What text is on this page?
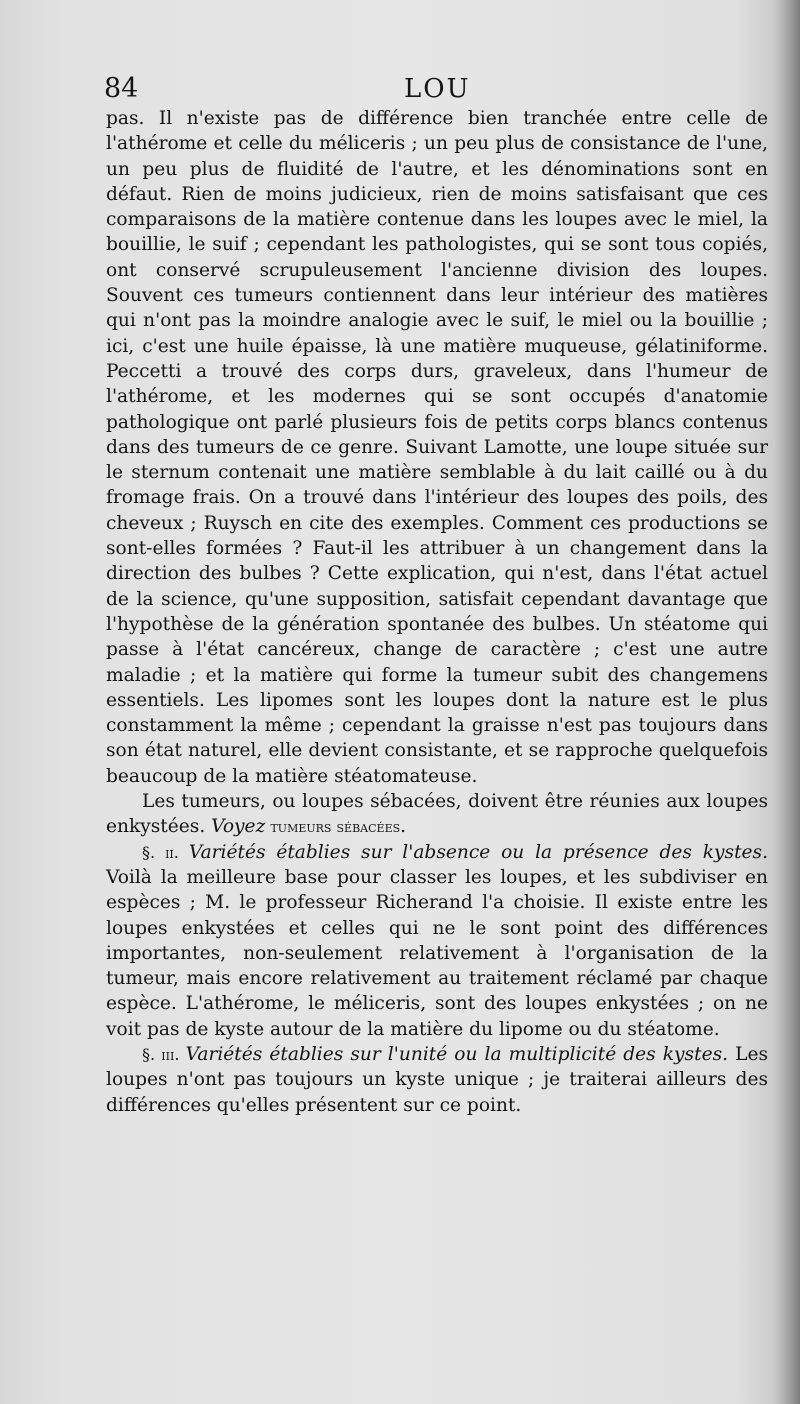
84	LOU

pas. Il n'existe pas de différence bien tranchée entre celle de l'athérome et celle du méliceris ; un peu plus de consistance de l'une, un peu plus de fluidité de l'autre, et les dénominations sont en défaut. Rien de moins judicieux, rien de moins satisfaisant que ces comparaisons de la matière contenue dans les loupes avec le miel, la bouillie, le suif ; cependant les pathologistes, qui se sont tous copiés, ont conservé scrupuleusement l'ancienne division des loupes. Souvent ces tumeurs contiennent dans leur intérieur des matières qui n'ont pas la moindre analogie avec le suif, le miel ou la bouillie ; ici, c'est une huile épaisse, là une matière muqueuse, gélatiniforme. Peccetti a trouvé des corps durs, graveleux, dans l'humeur de l'athérome, et les modernes qui se sont occupés d'anatomie pathologique ont parlé plusieurs fois de petits corps blancs contenus dans des tumeurs de ce genre. Suivant Lamotte, une loupe située sur le sternum contenait une matière semblable à du lait caillé ou à du fromage frais. On a trouvé dans l'intérieur des loupes des poils, des cheveux ; Ruysch en cite des exemples. Comment ces productions se sont-elles formées ? Faut-il les attribuer à un changement dans la direction des bulbes ? Cette explication, qui n'est, dans l'état actuel de la science, qu'une supposition, satisfait cependant davantage que l'hypothèse de la génération spontanée des bulbes. Un stéatome qui passe à l'état cancéreux, change de caractère ; c'est une autre maladie ; et la matière qui forme la tumeur subit des changemens essentiels. Les lipomes sont les loupes dont la nature est le plus constamment la même ; cependant la graisse n'est pas toujours dans son état naturel, elle devient consistante, et se rapproche quelquefois beaucoup de la matière stéatomateuse.

Les tumeurs, ou loupes sébacées, doivent être réunies aux loupes enkystées. Voyez tumeurs sébacées.

§. ii. Variétés établies sur l'absence ou la présence des kystes. Voilà la meilleure base pour classer les loupes, et les subdiviser en espèces ; M. le professeur Richerand l'a choisie. Il existe entre les loupes enkystées et celles qui ne le sont point des différences importantes, non-seulement relativement à l'organisation de la tumeur, mais encore relativement au traitement réclamé par chaque espèce. L'athérome, le méliceris, sont des loupes enkystées ; on ne voit pas de kyste autour de la matière du lipome ou du stéatome.

§. iii. Variétés établies sur l'unité ou la multiplicité des kystes. Les loupes n'ont pas toujours un kyste unique ; je traiterai ailleurs des différences qu'elles présentent sur ce point.
